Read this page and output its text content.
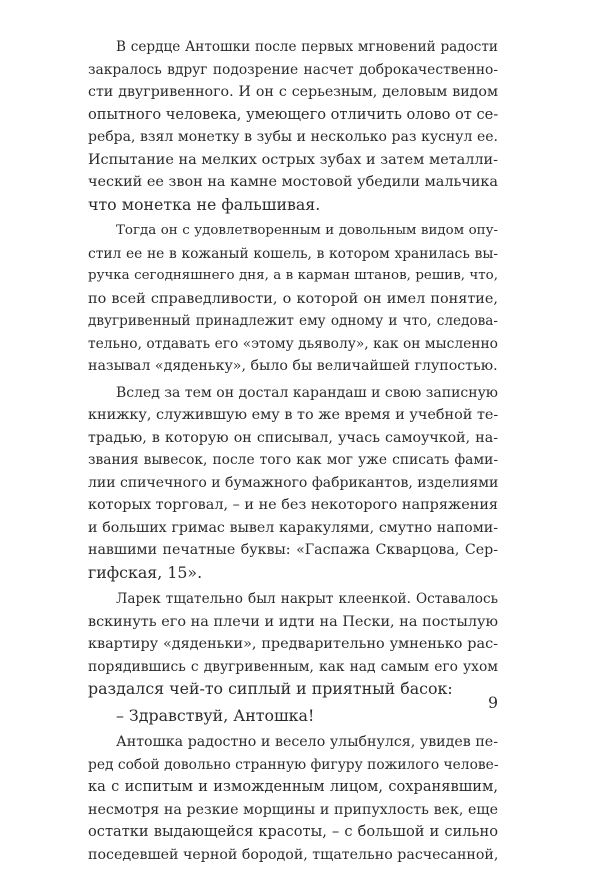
В сердце Антошки после первых мгновений радости
закралось вдруг подозрение насчет доброкачественно-
сти двугривенного. И он с серьезным, деловым видом
опытного человека, умеющего отличить олово от се-
ребра, взял монетку в зубы и несколько раз куснул ее.
Испытание на мелких острых зубах и затем металли-
ческий ее звон на камне мостовой убедили мальчика
что монетка не фальшивая.

Тогда он с удовлетворенным и довольным видом опу-
стил ее не в кожаный кошель, в котором хранилась вы-
ручка сегодняшнего дня, а в карман штанов, решив, что,
по всей справедливости, о которой он имел понятие,
двугривенный принадлежит ему одному и что, следова-
тельно, отдавать его «этому дьяволу», как он мысленно
называл «дяденьку», было бы величайшей глупостью.

Вслед за тем он достал карандаш и свою записную
книжку, служившую ему в то же время и учебной те-
традью, в которую он списывал, учась самоучкой, на-
звания вывесок, после того как мог уже списать фами-
лии спичечного и бумажного фабрикантов, изделиями
которых торговал, – и не без некоторого напряжения
и больших гримас вывел каракулями, смутно напоми-
навшими печатные буквы: «Гаспажа Скварцова, Сер-
гифская, 15».

Ларек тщательно был накрыт клеенкой. Оставалось
вскинуть его на плечи и идти на Пески, на постылую
квартиру «дяденьки», предварительно умненько рас-
порядившись с двугривенным, как над самым его ухом
раздался чей-то сиплый и приятный басок:

– Здравствуй, Антошка!

Антошка радостно и весело улыбнулся, увидев пе-
ред собой довольно странную фигуру пожилого челове-
ка с испитым и изможденным лицом, сохранявшим,
несмотря на резкие морщины и припухлость век, еще
остатки выдающейся красоты, – с большой и сильно
поседевшей черной бородой, тщательно расчесанной,

9
